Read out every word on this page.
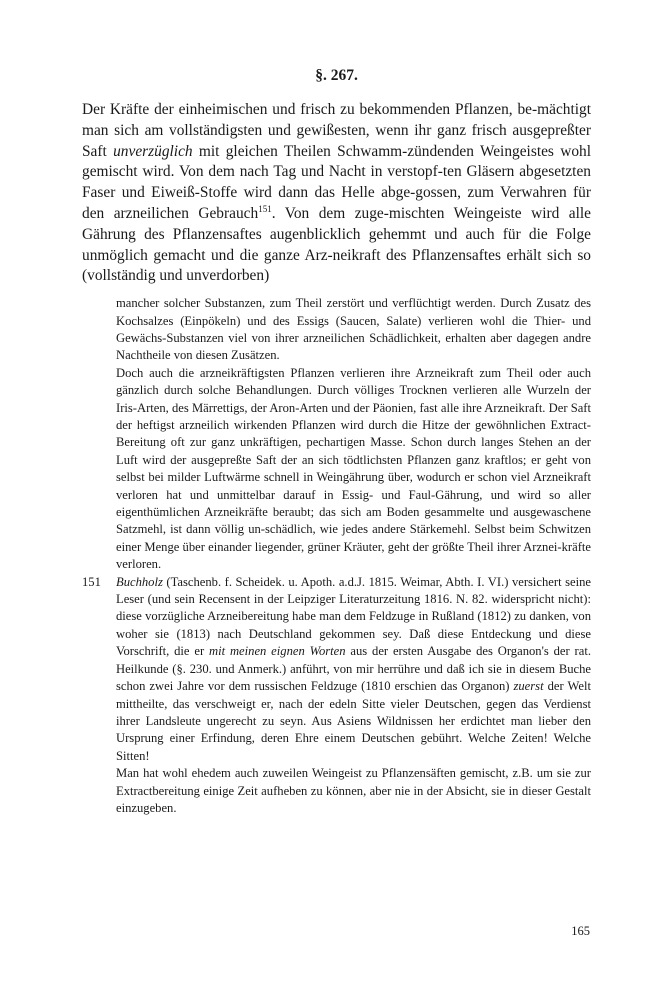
§. 267.

Der Kräfte der einheimischen und frisch zu bekommenden Pflanzen, be-mächtigt man sich am vollständigsten und gewißesten, wenn ihr ganz frisch ausgepreßter Saft unverzüglich mit gleichen Theilen Schwamm-zündenden Weingeistes wohl gemischt wird. Von dem nach Tag und Nacht in verstopf-ten Gläsern abgesetzten Faser und Eiweiß-Stoffe wird dann das Helle abge-gossen, zum Verwahren für den arzneilichen Gebrauch$^{151}$. Von dem zuge-mischten Weingeiste wird alle Gährung des Pflanzensaftes augenblicklich gehemmt und auch für die Folge unmöglich gemacht und die ganze Arz-neikraft des Pflanzensaftes erhält sich so (vollständig und unverdorben)

mancher solcher Substanzen, zum Theil zerstört und verflüchtigt werden. Durch Zusatz des Kochsalzes (Einpökeln) und des Essigs (Saucen, Salate) verlieren wohl die Thier- und Gewächs-Substanzen viel von ihrer arzneilichen Schädlichkeit, erhalten aber dagegen andre Nachtheile von diesen Zusätzen.

Doch auch die arzneikräftigsten Pflanzen verlieren ihre Arzneikraft zum Theil oder auch gänzlich durch solche Behandlungen. Durch völliges Trocknen verlieren alle Wurzeln der Iris-Arten, des Märrettigs, der Aron-Arten und der Päonien, fast alle ihre Arzneikraft. Der Saft der heftigst arzneilich wirkenden Pflanzen wird durch die Hitze der gewöhnlichen Extract-Bereitung oft zur ganz unkräftigen, pechartigen Masse. Schon durch langes Stehen an der Luft wird der ausgepreßte Saft der an sich tödtlichsten Pflanzen ganz kraftlos; er geht von selbst bei milder Luftwärme schnell in Weingährung über, wodurch er schon viel Arzneikraft verloren hat und unmittelbar darauf in Essig- und Faul-Gährung, und wird so aller eigenthümlichen Arzneikräfte beraubt; das sich am Boden gesammelte und ausgewaschene Satzmehl, ist dann völlig un-schädlich, wie jedes andere Stärkemehl. Selbst beim Schwitzen einer Menge über einander liegender, grüner Kräuter, geht der größte Theil ihrer Arznei-kräfte verloren.

151 Buchholz (Taschenb. f. Scheidek. u. Apoth. a.d.J. 1815. Weimar, Abth. I. VI.) versichert seine Leser (und sein Recensent in der Leipziger Literaturzeitung 1816. N. 82. widerspricht nicht): diese vorzügliche Arzneibereitung habe man dem Feldzuge in Rußland (1812) zu danken, von woher sie (1813) nach Deutschland gekommen sey. Daß diese Entdeckung und diese Vorschrift, die er mit meinen eignen Worten aus der ersten Ausgabe des Organon's der rat. Heilkunde (§. 230. und Anmerk.) anführt, von mir herrühre und daß ich sie in diesem Buche schon zwei Jahre vor dem russischen Feldzuge (1810 erschien das Organon) zuerst der Welt mittheilte, das verschweigt er, nach der edeln Sitte vieler Deutschen, gegen das Verdienst ihrer Landsleute ungerecht zu seyn. Aus Asiens Wildnissen her erdichtet man lieber den Ursprung einer Erfindung, deren Ehre einem Deutschen gebührt. Welche Zeiten! Welche Sitten!

Man hat wohl ehedem auch zuweilen Weingeist zu Pflanzensäften gemischt, z.B. um sie zur Extractbereitung einige Zeit aufheben zu können, aber nie in der Absicht, sie in dieser Gestalt einzugeben.

165
